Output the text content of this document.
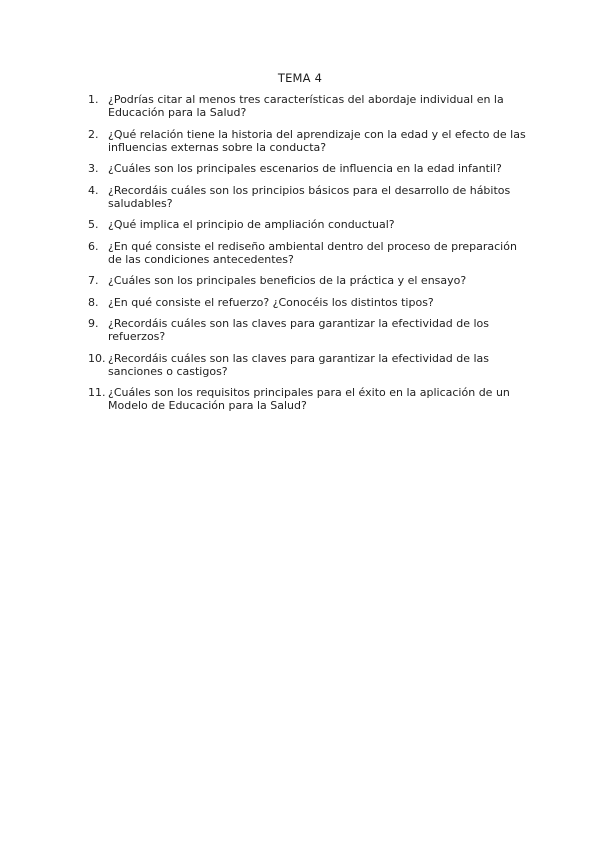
TEMA 4
1. ¿Podrías citar al menos tres características del abordaje individual en la Educación para la Salud?
2. ¿Qué relación tiene la historia del aprendizaje con la edad y el efecto de las influencias externas sobre la conducta?
3. ¿Cuáles son los principales escenarios de influencia en la edad infantil?
4. ¿Recordáis cuáles son los principios básicos para el desarrollo de hábitos saludables?
5. ¿Qué implica el principio de ampliación conductual?
6. ¿En qué consiste el rediseño ambiental dentro del proceso de preparación de las condiciones antecedentes?
7. ¿Cuáles son los principales beneficios de la práctica y el ensayo?
8. ¿En qué consiste el refuerzo? ¿Conocéis los distintos tipos?
9. ¿Recordáis cuáles son las claves para garantizar la efectividad de los refuerzos?
10. ¿Recordáis cuáles son las claves para garantizar la efectividad de las sanciones o castigos?
11. ¿Cuáles son los requisitos principales para el éxito en la aplicación de un Modelo de Educación para la Salud?
